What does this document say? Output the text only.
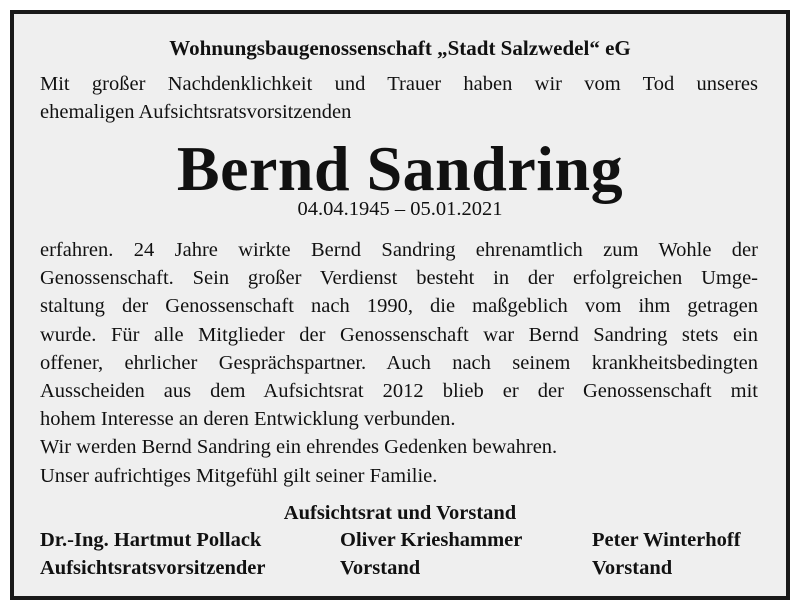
Wohnungsbaugenossenschaft „Stadt Salzwedel“ eG
Mit großer Nachdenklichkeit und Trauer haben wir vom Tod unseres
ehemaligen Aufsichtsratsvorsitzenden
Bernd Sandring
04.04.1945 – 05.01.2021
erfahren. 24 Jahre wirkte Bernd Sandring ehrenamtlich zum Wohle der
Genossenschaft. Sein großer Verdienst besteht in der erfolgreichen Umge-
staltung der Genossenschaft nach 1990, die maßgeblich vom ihm getragen
wurde. Für alle Mitglieder der Genossenschaft war Bernd Sandring stets ein
offener, ehrlicher Gesprächspartner. Auch nach seinem krankheitsbedingten
Ausscheiden aus dem Aufsichtsrat 2012 blieb er der Genossenschaft mit
hohem Interesse an deren Entwicklung verbunden.
Wir werden Bernd Sandring ein ehrendes Gedenken bewahren.
Unser aufrichtiges Mitgefühl gilt seiner Familie.
Aufsichtsrat und Vorstand
Dr.-Ing. Hartmut Pollack
Aufsichtsratsvorsitzender
Oliver Krieshammer
Vorstand
Peter Winterhoff
Vorstand
